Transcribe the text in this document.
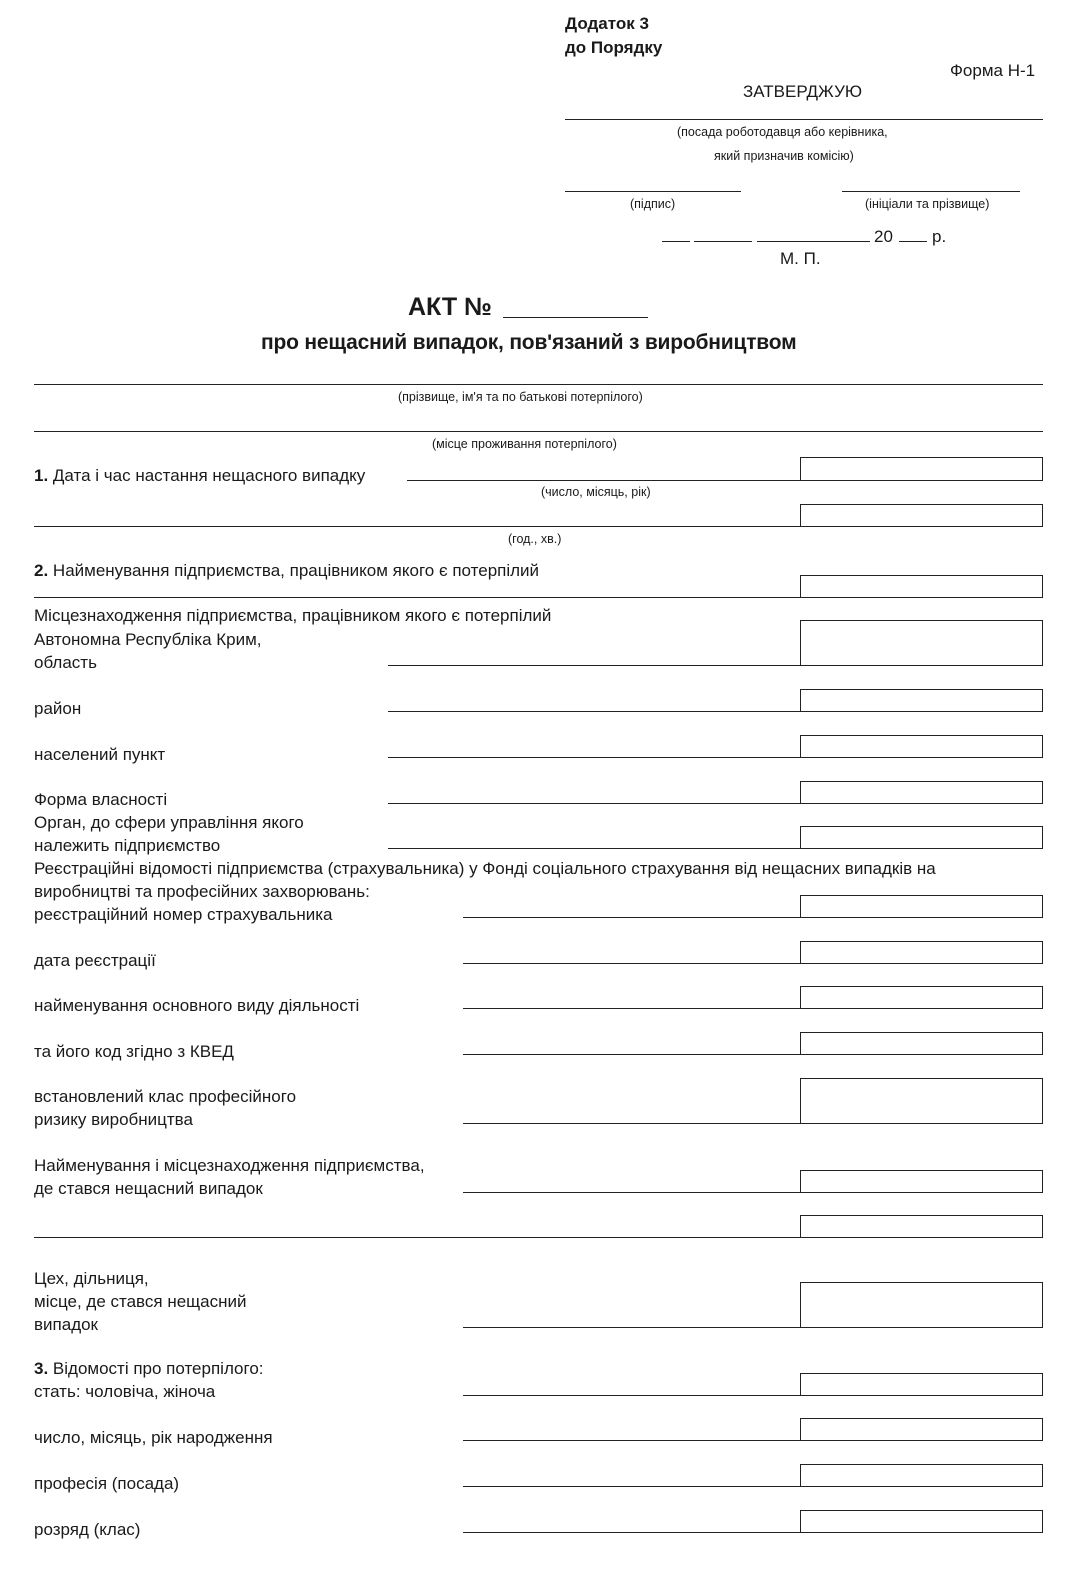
Додаток 3
до Порядку
Форма Н-1
ЗАТВЕРДЖУЮ
(посада роботодавця або керівника,
який призначив комісію)
(підпис)	(ініціали та прізвище)
20 р.
М. П.
АКТ №
про нещасний випадок, пов'язаний з виробництвом
(прізвище, ім'я та по батькові потерпілого)
(місце проживання потерпілого)
1. Дата і час настання нещасного випадку
(число, місяць, рік)
(год., хв.)
2. Найменування підприємства, працівником якого є потерпілий
Місцезнаходження підприємства, працівником якого є потерпілий
Автономна Республіка Крим,
область
район
населений пункт
Форма власності
Орган, до сфери управління якого
належить підприємство
Реєстраційні відомості підприємства (страхувальника) у Фонді соціального страхування від нещасних випадків на
виробництві та професійних захворювань:
реєстраційний номер страхувальника
дата реєстрації
найменування основного виду діяльності
та його код згідно з КВЕД
встановлений клас професійного
ризику виробництва
Найменування і місцезнаходження підприємства,
де стався нещасний випадок
Цех, дільниця,
місце, де стався нещасний
випадок
3. Відомості про потерпілого:
стать: чоловіча, жіноча
число, місяць, рік народження
професія (посада)
розряд (клас)
